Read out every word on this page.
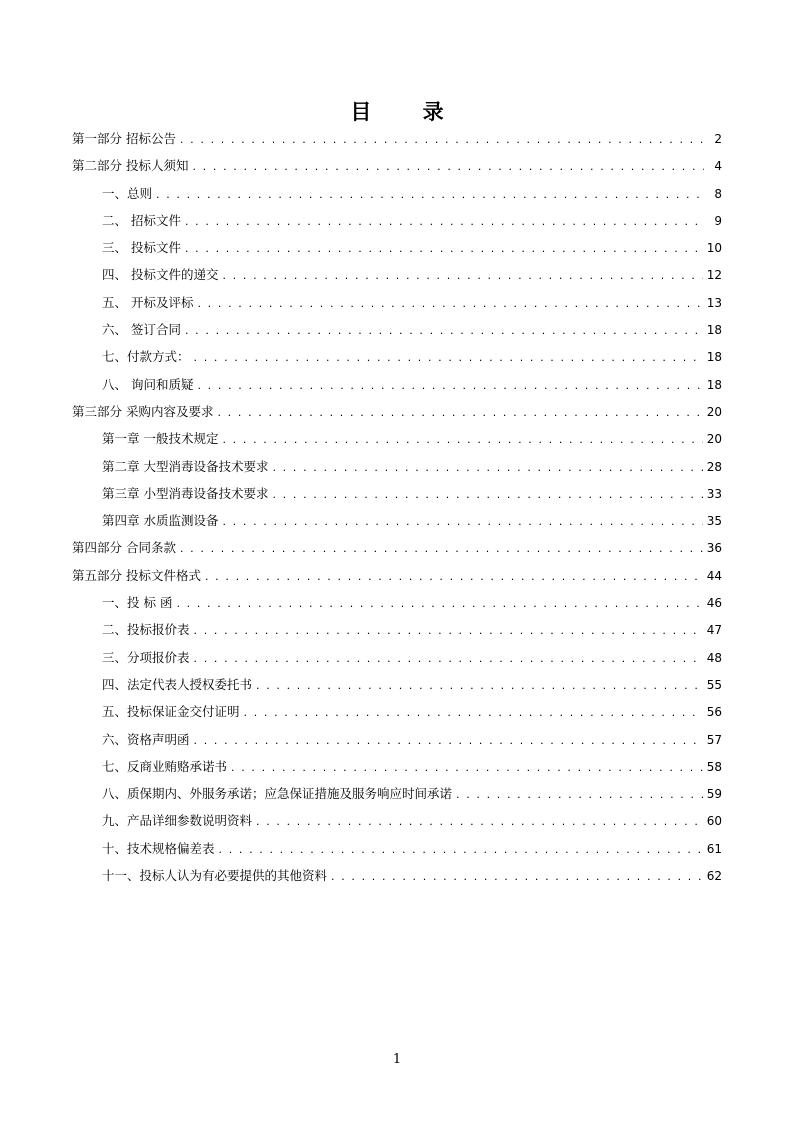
目 录
第一部分 招标公告 . . .	2
第二部分 投标人须知 . . .	4
一、总则 . . .	8
二、 招标文件 . . .	9
三、 投标文件 . . .	10
四、 投标文件的递交 . . .	12
五、 开标及评标 . . .	13
六、 签订合同 . . .	18
七、付款方式： . . .	18
八、 询问和质疑 . . .	18
第三部分 采购内容及要求 . . .	20
第一章 一般技术规定 . . .	20
第二章 大型消毒设备技术要求 . . .	28
第三章 小型消毒设备技术要求 . . .	33
第四章 水质监测设备 . . .	35
第四部分 合同条款 . . .	36
第五部分 投标文件格式 . . .	44
一、投 标 函 . . .	46
二、投标报价表 . . .	47
三、分项报价表 . . .	48
四、法定代表人授权委托书 . . .	55
五、投标保证金交付证明 . . .	56
六、资格声明函 . . .	57
七、反商业贿赂承诺书 . . .	58
八、质保期内、外服务承诺；应急保证措施及服务响应时间承诺 . . .	59
九、产品详细参数说明资料 . . .	60
十、技术规格偏差表 . . .	61
十一、投标人认为有必要提供的其他资料 . . .	62
1
